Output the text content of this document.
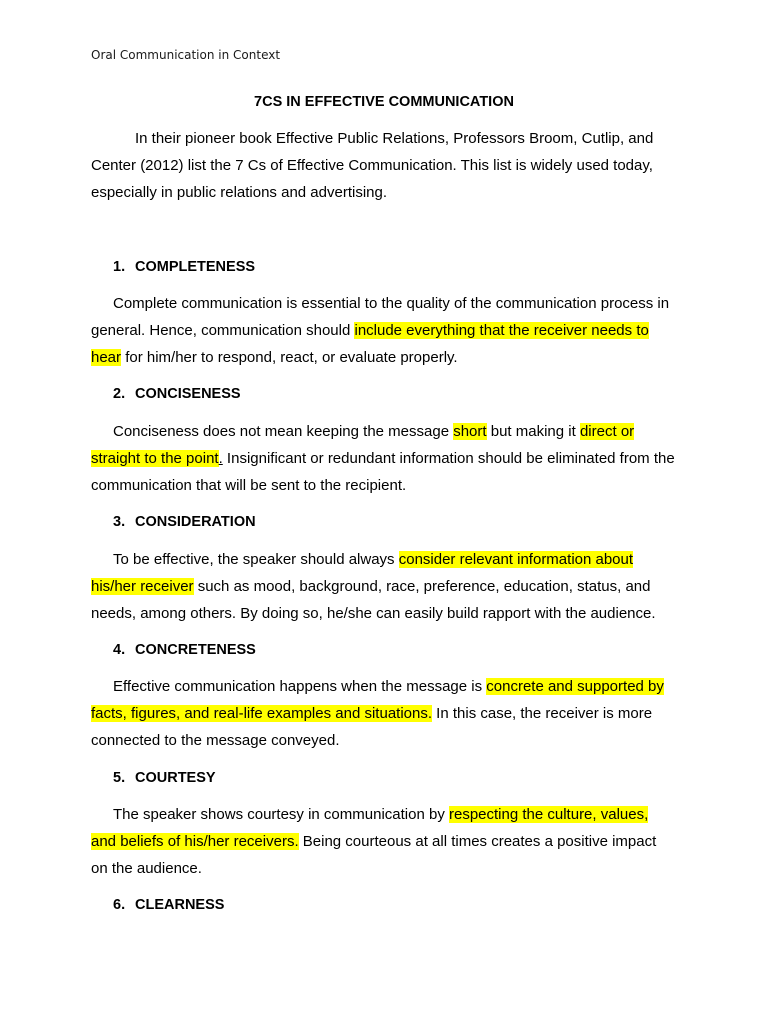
Oral Communication in Context
7CS IN EFFECTIVE COMMUNICATION
In their pioneer book Effective Public Relations, Professors Broom, Cutlip, and
Center (2012) list the 7 Cs of Effective Communication. This list is widely used today,
especially in public relations and advertising.
1. COMPLETENESS
Complete communication is essential to the quality of the communication process in
general. Hence, communication should include everything that the receiver needs to
hear for him/her to respond, react, or evaluate properly.
2. CONCISENESS
Conciseness does not mean keeping the message short but making it direct or
straight to the point. Insignificant or redundant information should be eliminated from the
communication that will be sent to the recipient.
3. CONSIDERATION
To be effective, the speaker should always consider relevant information about
his/her receiver such as mood, background, race, preference, education, status, and
needs, among others. By doing so, he/she can easily build rapport with the audience.
4. CONCRETENESS
Effective communication happens when the message is concrete and supported by
facts, figures, and real-life examples and situations. In this case, the receiver is more
connected to the message conveyed.
5. COURTESY
The speaker shows courtesy in communication by respecting the culture, values,
and beliefs of his/her receivers. Being courteous at all times creates a positive impact
on the audience.
6. CLEARNESS
